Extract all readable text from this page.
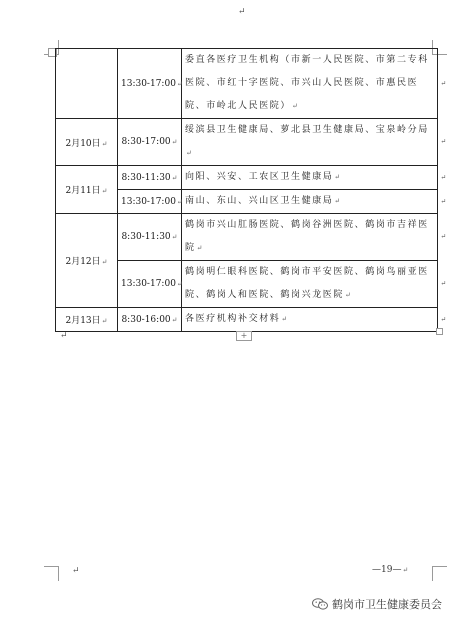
↵
↵
↵
	13:30-17:00↵	委直各医疗卫生机构（市新一人民医院、市第二专科医院、市红十字医院、市兴山人民医院、市惠民医院、市岭北人民医院）↵
↵

2月10日↵	8:30-17:00↵	绥滨县卫生健康局、萝北县卫生健康局、宝泉岭分局↵
↵

2月11日↵	8:30-11:30↵	向阳、兴安、工农区卫生健康局↵ ↵

	13:30-17:00↵	南山、东山、兴山区卫生健康局↵ ↵

2月12日↵	8:30-11:30↵	鹤岗市兴山肛肠医院、鹤岗谷洲医院、鹤岗市吉祥医院↵
↵

	13:30-17:00↵	鹤岗明仁眼科医院、鹤岗市平安医院、鹤岗鸟丽亚医院、鹤岗人和医院、鹤岗兴龙医院↵
↵

2月13日↵	8:30-16:00↵	各医疗机构补交材料↵ ↵
+
—19—↵
鹤岗市卫生健康委员会
